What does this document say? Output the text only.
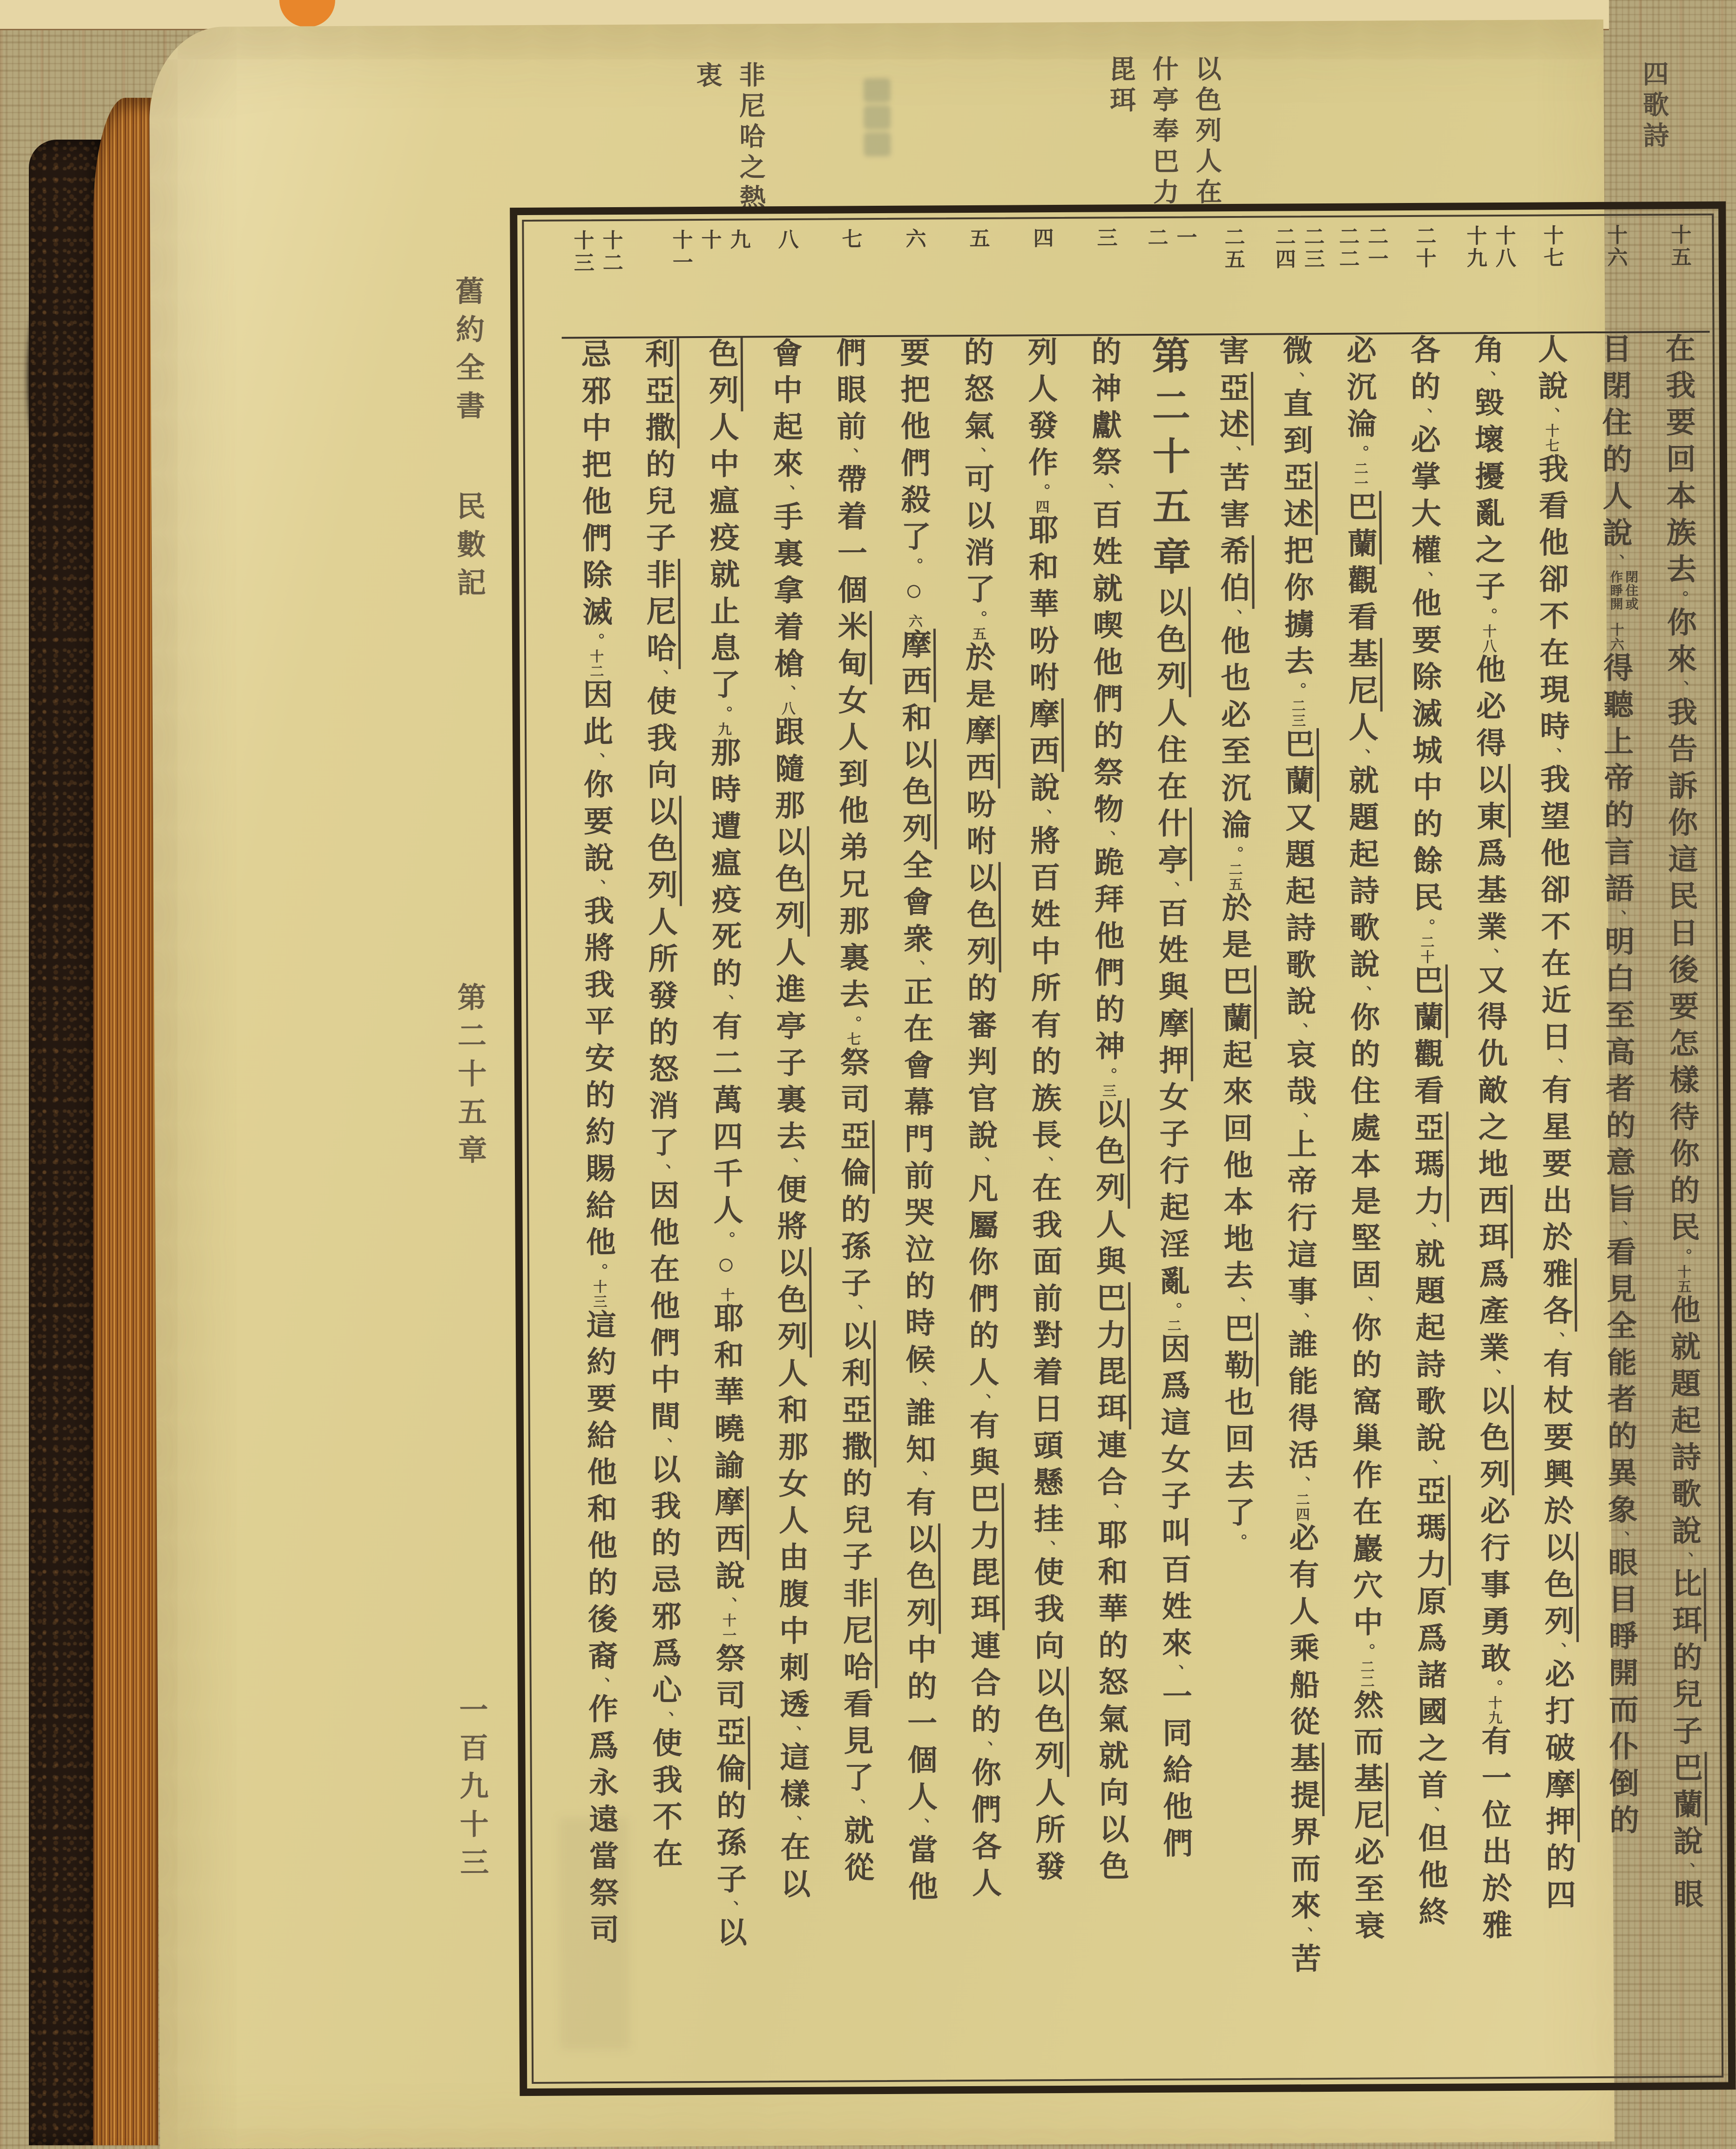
四歌詩
以色列人在
什亭奉巴力
毘珥
非尼哈之熱
衷
舊約全書
民數記
第二十五章
一百九十三
十五
十六
十七
十八
十九
二十
二一
二二
二三
二四
二五
一
二
三
四
五
六
七
八
九
十
十一
十二
十三
在我要回本族去。你來、我告訴你這民日後要怎樣待你的民。十五他就題起詩歌說、比珥的兒子巴蘭說、眼
目閉住的人說、閉住或作睜開十六得聽上帝的言語、明白至高者的意旨、看見全能者的異象、眼目睜開而仆倒的
人說、十七我看他卻不在現時、我望他卻不在近日、有星要出於雅各、有杖要興於以色列、必打破摩押的四
角、毀壞擾亂之子。十八他必得以東爲基業、又得仇敵之地西珥爲產業、以色列必行事勇敢。十九有一位出於雅
各的、必掌大權、他要除滅城中的餘民。二十巴蘭觀看亞瑪力、就題起詩歌說、亞瑪力原爲諸國之首、但他終
必沉淪。二一巴蘭觀看基尼人、就題起詩歌說、你的住處本是堅固、你的窩巢作在巖穴中。二二然而基尼必至衰
微、直到亞述把你擄去。二三巴蘭又題起詩歌說、哀哉、上帝行這事、誰能得活、二四必有人乘船從基提界而來、苦
害亞述、苦害希伯、他也必至沉淪。二五於是巴蘭起來回他本地去、巴勒也回去了。
第二十五章以色列人住在什亭、百姓與摩押女子行起淫亂。二因爲這女子叫百姓來、一同給他們
的神獻祭、百姓就喫他們的祭物、跪拜他們的神。三以色列人與巴力毘珥連合、耶和華的怒氣就向以色
列人發作。四耶和華吩咐摩西說、將百姓中所有的族長、在我面前對着日頭懸挂、使我向以色列人所發
的怒氣、可以消了。五於是摩西吩咐以色列的審判官說、凡屬你們的人、有與巴力毘珥連合的、你們各人
要把他們殺了。○六摩西和以色列全會衆、正在會幕門前哭泣的時候、誰知、有以色列中的一個人、當他
們眼前、帶着一個米甸女人到他弟兄那裏去。七祭司亞倫的孫子、以利亞撒的兒子非尼哈看見了、就從
會中起來、手裏拿着槍、八跟隨那以色列人進亭子裏去、便將以色列人和那女人由腹中刺透、這樣、在以
色列人中瘟疫就止息了。九那時遭瘟疫死的、有二萬四千人。○十耶和華曉諭摩西說、十一祭司亞倫的孫子、以
利亞撒的兒子非尼哈、使我向以色列人所發的怒消了、因他在他們中間、以我的忌邪爲心、使我不在
忌邪中把他們除滅。十二因此、你要說、我將我平安的約賜給他。十三這約要給他和他的後裔、作爲永遠當祭司
